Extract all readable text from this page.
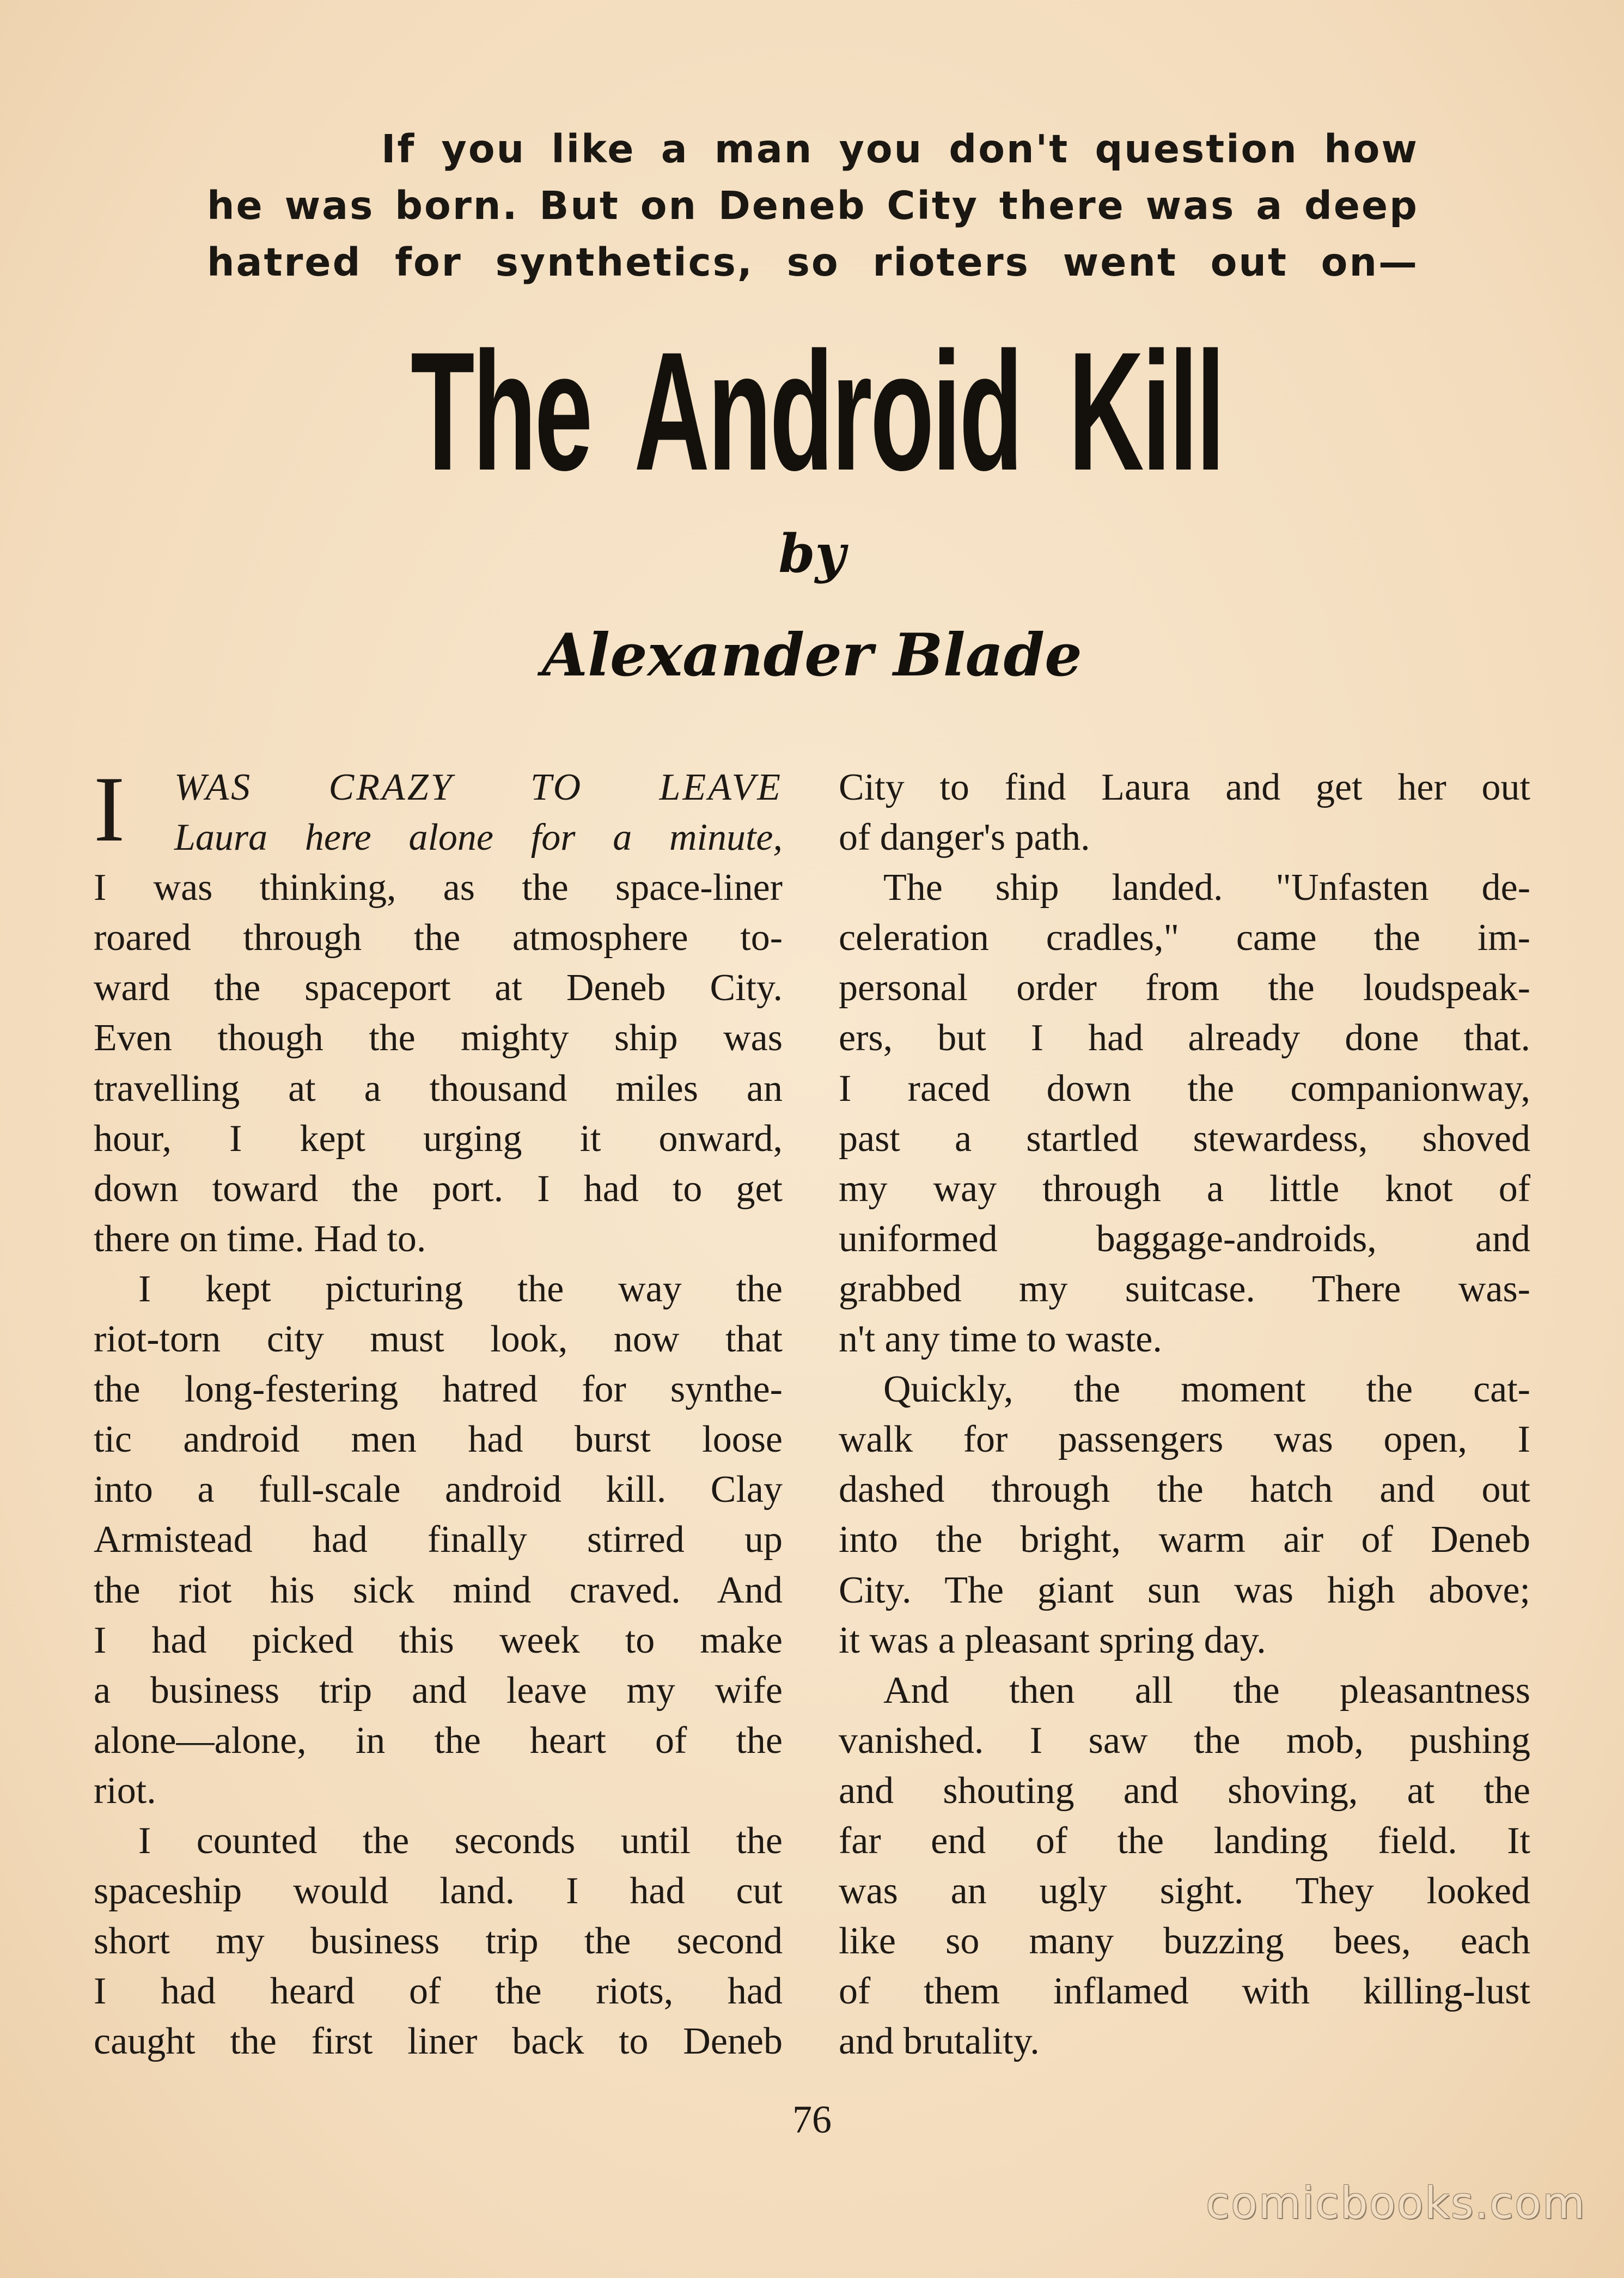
If you like a man you don't question how
he was born. But on Deneb City there was a deep
hatred for synthetics, so rioters went out on—
The Android Kill
by
Alexander Blade
I	WAS CRAZY TO LEAVE
Laura here alone for a minute,
I was thinking, as the space-liner
roared through the atmosphere to-
ward the spaceport at Deneb City.
Even though the mighty ship was
travelling at a thousand miles an
hour, I kept urging it onward,
down toward the port. I had to get
there on time. Had to.
I kept picturing the way the
riot-torn city must look, now that
the long-festering hatred for synthe-
tic android men had burst loose
into a full-scale android kill. Clay
Armistead had finally stirred up
the riot his sick mind craved. And
I had picked this week to make
a business trip and leave my wife
alone—alone, in the heart of the
riot.
I counted the seconds until the
spaceship would land. I had cut
short my business trip the second
I had heard of the riots, had
caught the first liner back to Deneb
City to find Laura and get her out
of danger's path.
The ship landed. "Unfasten de-
celeration cradles," came the im-
personal order from the loudspeak-
ers, but I had already done that.
I raced down the companionway,
past a startled stewardess, shoved
my way through a little knot of
uniformed baggage-androids, and
grabbed my suitcase. There was-
n't any time to waste.
Quickly, the moment the cat-
walk for passengers was open, I
dashed through the hatch and out
into the bright, warm air of Deneb
City. The giant sun was high above;
it was a pleasant spring day.
And then all the pleasantness
vanished. I saw the mob, pushing
and shouting and shoving, at the
far end of the landing field. It
was an ugly sight. They looked
like so many buzzing bees, each
of them inflamed with killing-lust
and brutality.
76
comicbooks.com
